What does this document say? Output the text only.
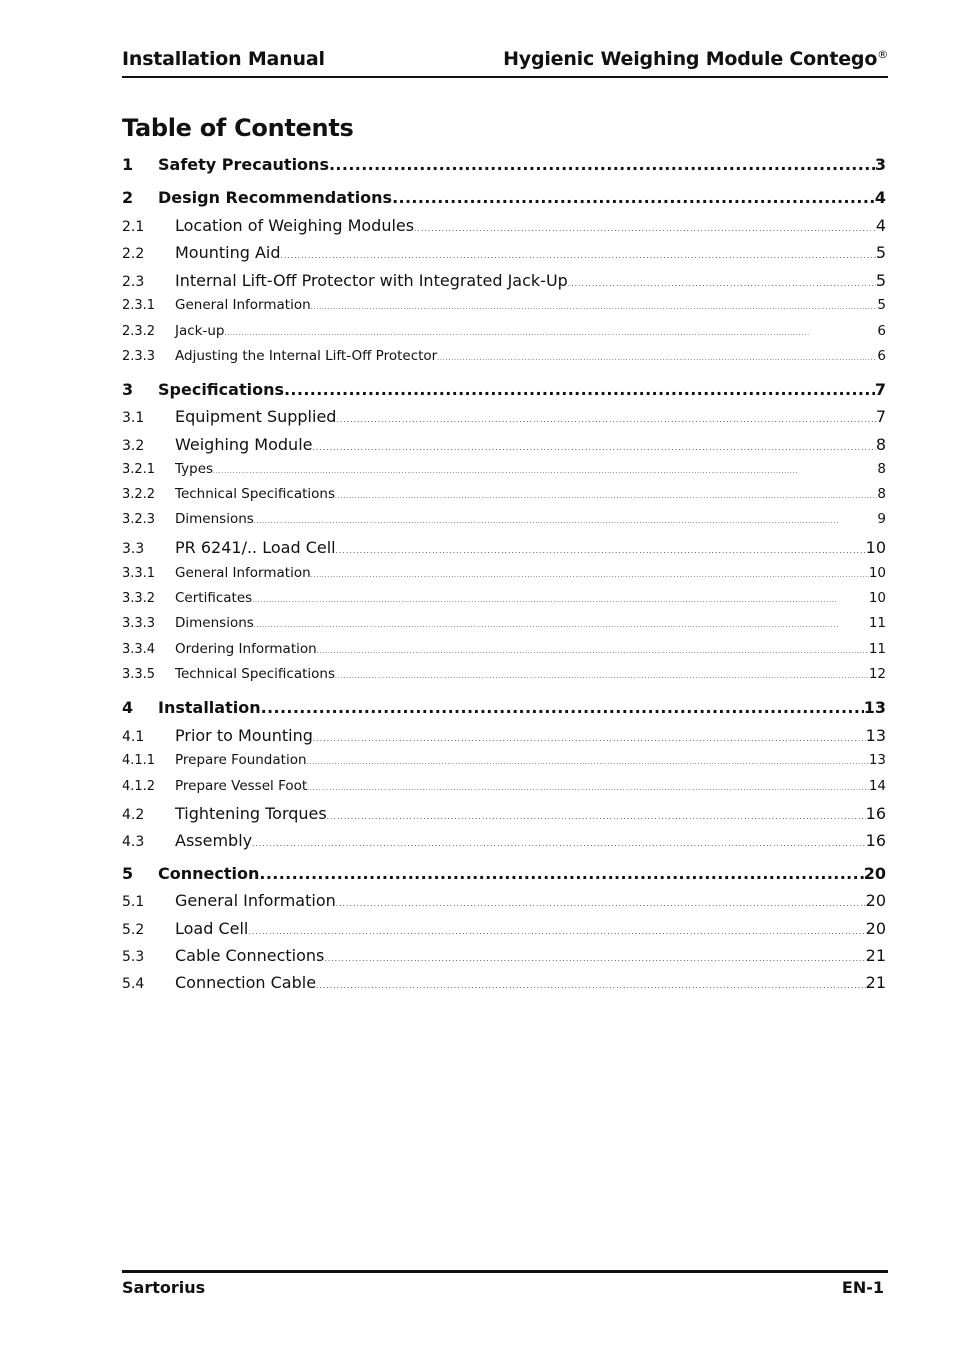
Installation Manual	Hygienic Weighing Module Contego®
Table of Contents
1	Safety Precautions . . .	3
2	Design Recommendations . . .	4
2.1	Location of Weighing Modules . . .	4
2.2	Mounting Aid . . .	5
2.3	Internal Lift-Off Protector with Integrated Jack-Up . . .	5
2.3.1	General Information . . .	5
2.3.2	Jack-up . . .	6
2.3.3	Adjusting the Internal Lift-Off Protector . . .	6
3	Specifications . . .	7
3.1	Equipment Supplied . . .	7
3.2	Weighing Module . . .	8
3.2.1	Types . . .	8
3.2.2	Technical Specifications . . .	8
3.2.3	Dimensions . . .	9
3.3	PR 6241/.. Load Cell . . .	10
3.3.1	General Information . . .	10
3.3.2	Certificates . . .	10
3.3.3	Dimensions . . .	11
3.3.4	Ordering Information . . .	11
3.3.5	Technical Specifications . . .	12
4	Installation . . .	13
4.1	Prior to Mounting . . .	13
4.1.1	Prepare Foundation . . .	13
4.1.2	Prepare Vessel Foot . . .	14
4.2	Tightening Torques . . .	16
4.3	Assembly . . .	16
5	Connection . . .	20
5.1	General Information . . .	20
5.2	Load Cell . . .	20
5.3	Cable Connections . . .	21
5.4	Connection Cable . . .	21
Sartorius	EN-1
